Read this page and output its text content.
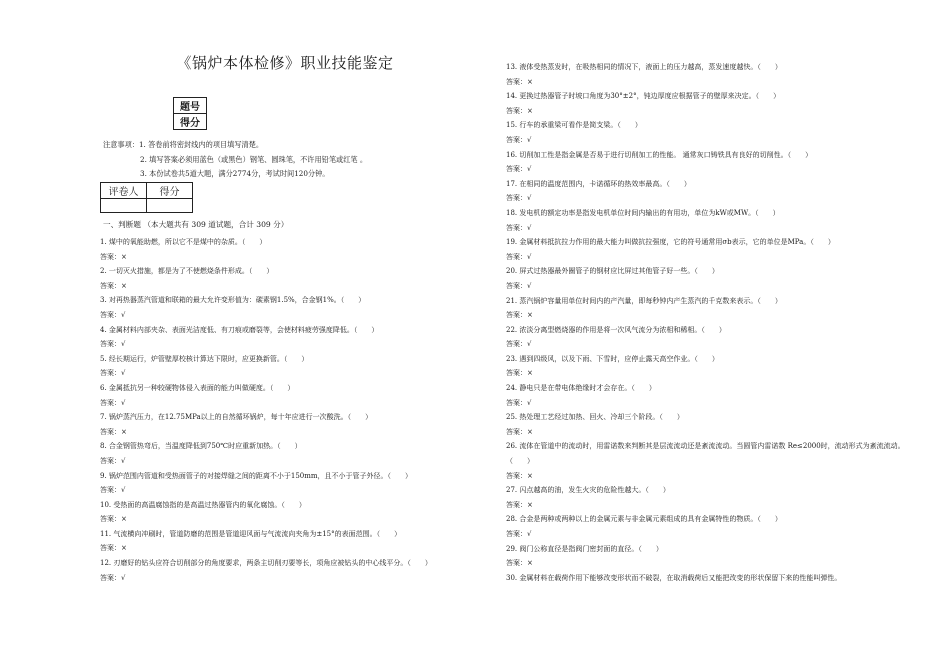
《锅炉本体检修》职业技能鉴定
题号
得分
注意事项：1. 答卷前将密封线内的项目填写清楚。
2. 填写答案必须用蓝色（或黑色）钢笔、圆珠笔，不许用铅笔或红笔 。
3. 本份试卷共5道大题，满分2774分，考试时间120分钟。
评卷人	得分

一、判断题 （本大题共有 309 道试题，合计 309 分）
1. 煤中的氧能助燃，所以它不是煤中的杂质。（　　）
答案：×
2. 一切灭火措施，都是为了不使燃烧条件形成。（　　）
答案：×
3. 对再热器蒸汽管道和联箱的最大允许变形值为：碳素钢1.5%，合金钢1%。（　　）
答案：√
4. 金属材料内部夹杂、表面光洁度低、有刀痕或磨裂等，会使材料疲劳强度降低。（　　）
答案：√
5. 经长期运行，炉管壁厚校核计算达下限时，应更换新管。（　　）
答案：√
6. 金属抵抗另一种较硬物体侵入表面的能力叫做硬度。（　　）
答案：√
7. 锅炉蒸汽压力，在12.75MPa以上的自然循环锅炉，每十年应进行一次酸洗。（　　）
答案：×
8. 合金钢管热弯后，当温度降低到750℃时应重新加热。（　　）
答案：√
9. 锅炉范围内管道和受热面管子的对接焊缝之间的距离不小于150mm，且不小于管子外径。（　　）
答案：√
10. 受热面的高温腐蚀指的是高温过热器管内的氧化腐蚀。（　　）
答案：×
11. 气流横向冲刷时，管道防磨的范围是管道迎风面与气流流向夹角为±15°的表面范围。（　　）
答案：×
12. 刃磨好的钻头应符合切削部分的角度要求，两条主切削刃要等长，项角应被钻头的中心线平分。（　　）
答案：√
13. 液体受热蒸发时，在吸热相同的情况下，液面上的压力越高，蒸发速度越快。（　　）
答案：×
14. 更换过热器管子时坡口角度为30°±2°，钝边厚度应根据管子的壁厚来决定。（　　）
答案：×
15. 行车的承重梁可看作是简支梁。（　　）
答案：√
16. 切削加工性是指金属是否易于进行切削加工的性能。 通常灰口铸铁具有良好的切削性。（　　）
答案：√
17. 在相同的温度范围内，卡诺循环的热效率最高。（　　）
答案：√
18. 发电机的额定功率是指发电机单位时间内输出的有用功，单位为kW或MW。（　　）
答案：√
19. 金属材料抵抗拉力作用的最大能力叫做抗拉强度，它的符号通常用σb表示，它的单位是MPa。（　　）
答案：√
20. 屏式过热器最外圈管子的钢材应比屏过其他管子好一些。（　　）
答案：√
21. 蒸汽锅炉容量用单位时间内的产汽量，即每秒钟内产生蒸汽的千克数来表示。（　　）
答案：×
22. 浓淡分离型燃烧器的作用是将一次风气流分为浓相和稀相。（　　）
答案：√
23. 遇到四级风，以及下雨、下雪时，应停止露天高空作业。（　　）
答案：×
24. 静电只是在带电体绝缘时才会存在。（　　）
答案：√
25. 热处理工艺经过加热、回火、冷却三个阶段。（　　）
答案：×
26. 流体在管道中的流动时，用雷诺数来判断其是层流流动还是紊流流动。当圆管内雷诺数 Re≤2000时，流动形式为紊流流动。（　　）
答案：×
27. 闪点越高的油，发生火灾的危险性越大。（　　）
答案：×
28. 合金是两种或两种以上的金属元素与非金属元素组成的具有金属特性的物质。（　　）
答案：√
29. 阀门公称直径是指阀门密封面的直径。（　　）
答案：×
30. 金属材料在载荷作用下能够改变形状而不破裂，在取消载荷后又能把改变的形状保留下来的性能叫弹性。
